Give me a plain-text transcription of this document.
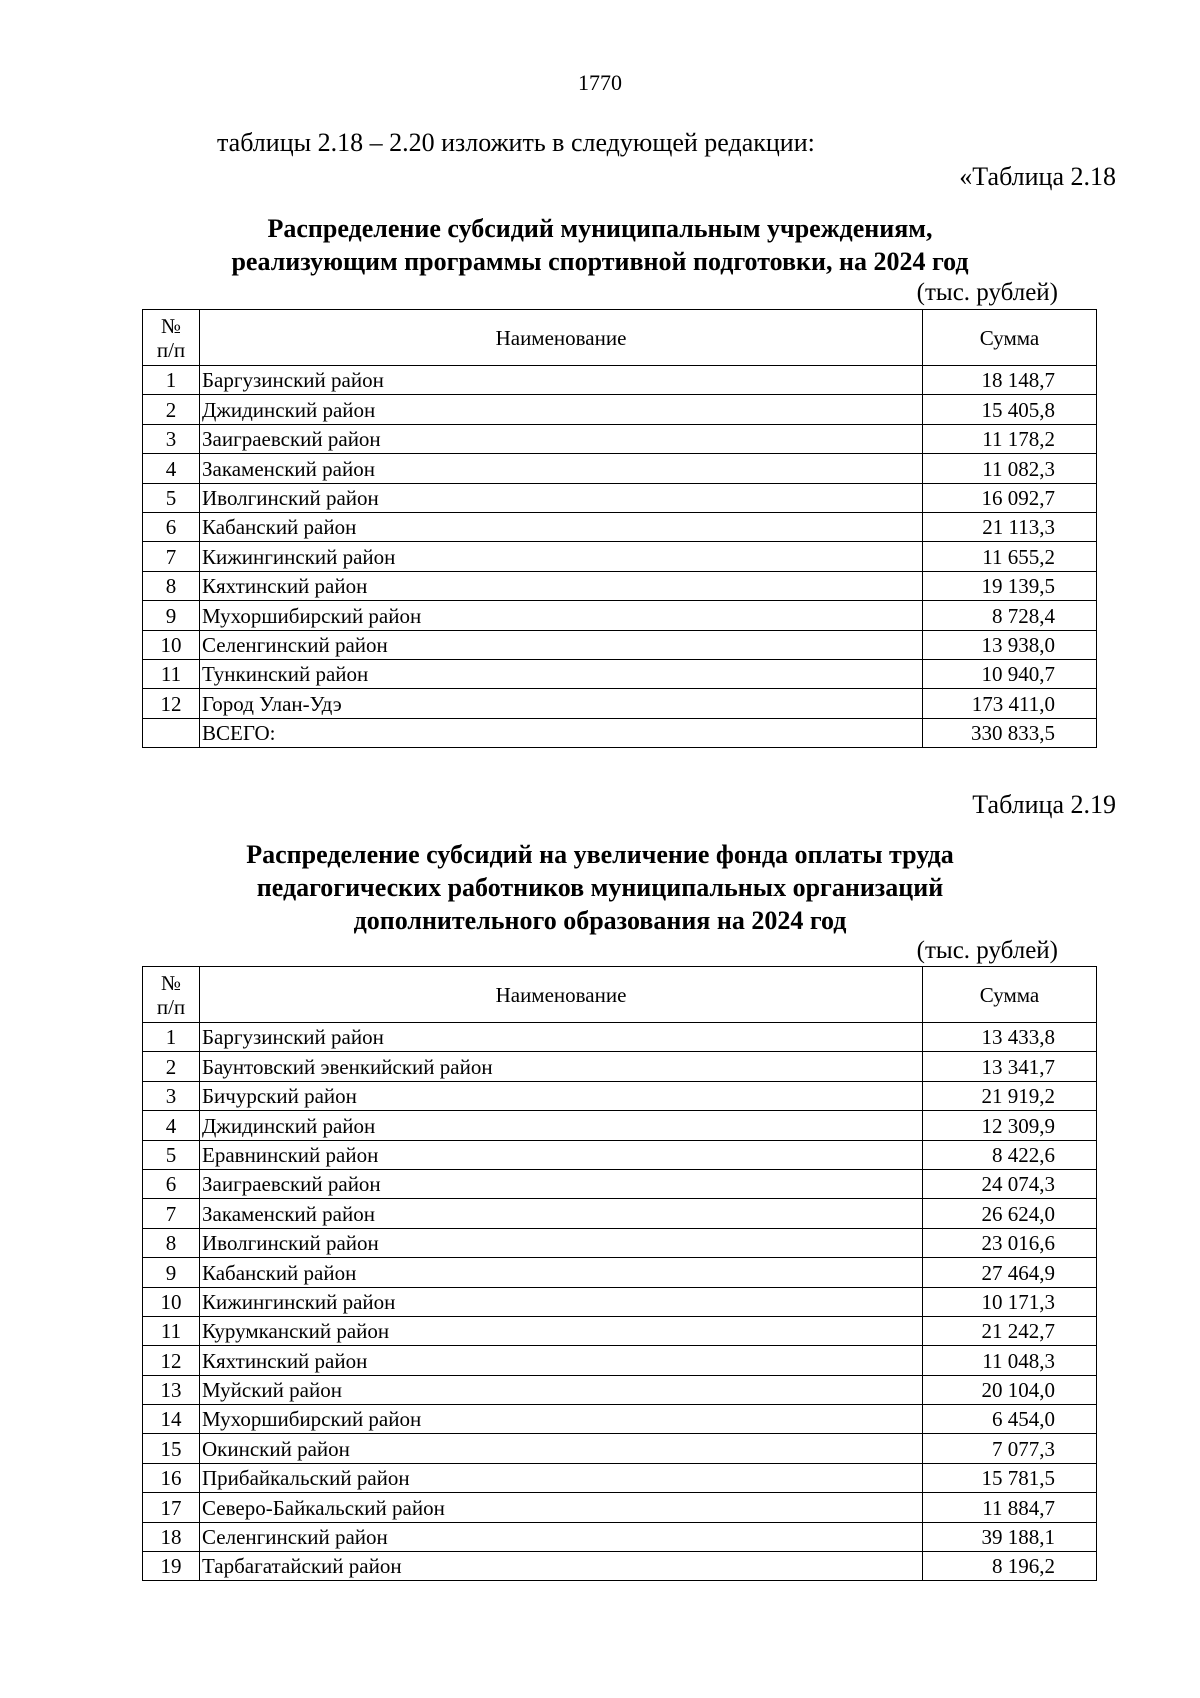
1770
таблицы 2.18 – 2.20 изложить в следующей редакции:
«Таблица 2.18
Распределение субсидий муниципальным учреждениям,
реализующим программы спортивной подготовки, на 2024 год
(тыс. рублей)
№
п/п	Наименование	Сумма
1	Баргузинский район	18 148,7
2	Джидинский район	15 405,8
3	Заиграевский район	11 178,2
4	Закаменский район	11 082,3
5	Иволгинский район	16 092,7
6	Кабанский район	21 113,3
7	Кижингинский район	11 655,2
8	Кяхтинский район	19 139,5
9	Мухоршибирский район	8 728,4
10	Селенгинский район	13 938,0
11	Тункинский район	10 940,7
12	Город Улан-Удэ	173 411,0
	ВСЕГО:	330 833,5
Таблица 2.19
Распределение субсидий на увеличение фонда оплаты труда
педагогических работников муниципальных организаций
дополнительного образования на 2024 год
(тыс. рублей)
№
п/п	Наименование	Сумма
1	Баргузинский район	13 433,8
2	Баунтовский эвенкийский район	13 341,7
3	Бичурский район	21 919,2
4	Джидинский район	12 309,9
5	Еравнинский район	8 422,6
6	Заиграевский район	24 074,3
7	Закаменский район	26 624,0
8	Иволгинский район	23 016,6
9	Кабанский район	27 464,9
10	Кижингинский район	10 171,3
11	Курумканский район	21 242,7
12	Кяхтинский район	11 048,3
13	Муйский район	20 104,0
14	Мухоршибирский район	6 454,0
15	Окинский район	7 077,3
16	Прибайкальский район	15 781,5
17	Северо-Байкальский район	11 884,7
18	Селенгинский район	39 188,1
19	Тарбагатайский район	8 196,2
